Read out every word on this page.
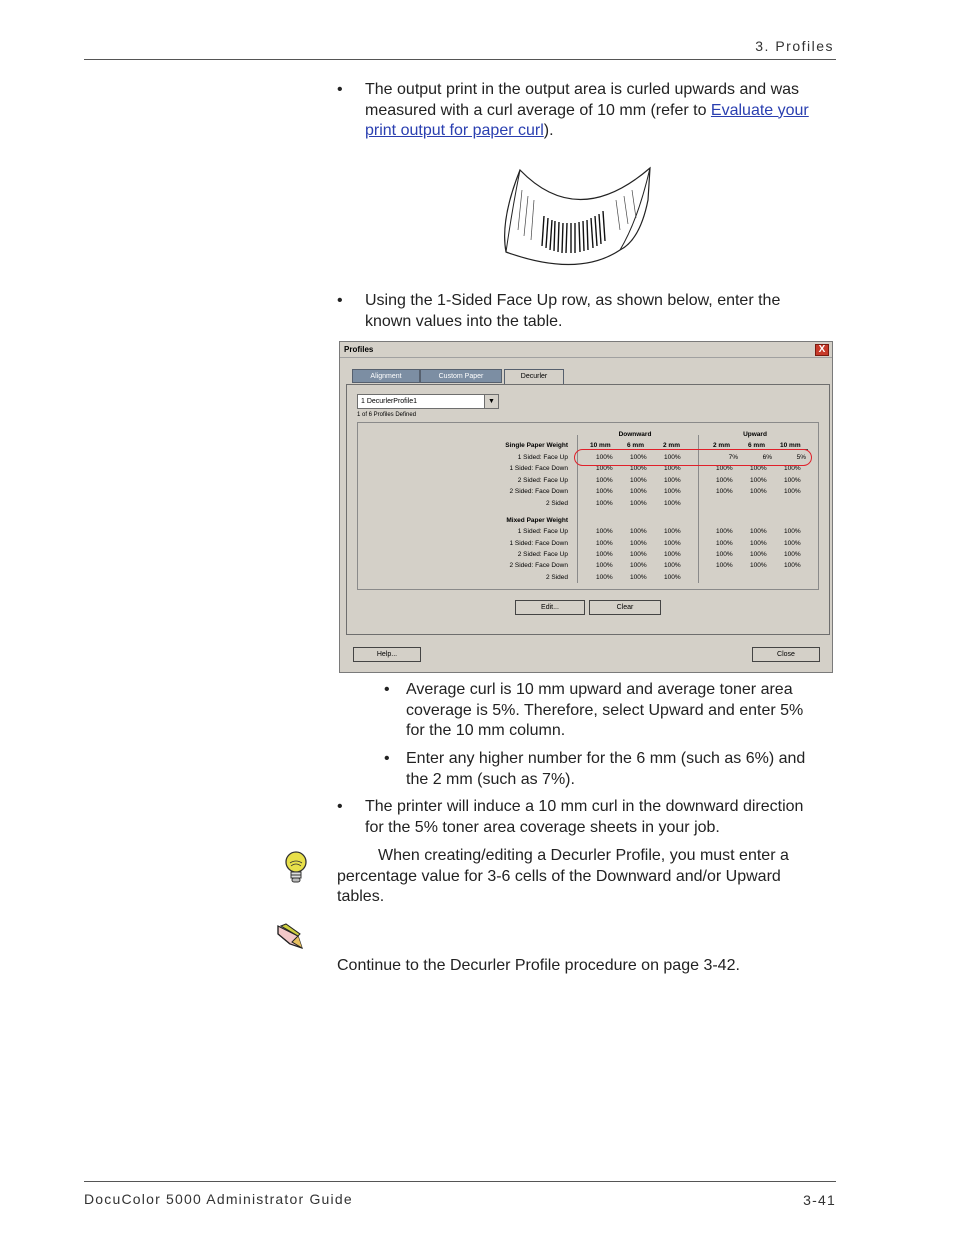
3. Profiles
• The output print in the output area is curled upwards and was
measured with a curl average of 10 mm (refer to Evaluate your
print output for paper curl).
• Using the 1-Sided Face Up row, as shown below, enter the
known values into the table.
Profiles	X
Alignment	Custom Paper	Decurler
1 DecurlerProfile1	▼
1 of 6 Profiles Defined
Downward	Upward
Single Paper Weight	10 mm	6 mm	2 mm	2 mm	6 mm 10 mm
1 Sided: Face Up	100%	100%	100%	7%	6%	5%
1 Sided: Face Down	100%	100%	100%	100%	100%	100%
2 Sided: Face Up	100%	100%	100%	100%	100%	100%
2 Sided: Face Down	100%	100%	100%	100%	100%	100%
2 Sided	100%	100%	100%
Mixed Paper Weight
1 Sided: Face Up	100%	100%	100%	100%	100%	100%
1 Sided: Face Down	100%	100%	100%	100%	100%	100%
2 Sided: Face Up	100%	100%	100%	100%	100%	100%
2 Sided: Face Down	100%	100%	100%	100%	100%	100%
2 Sided	100%	100%	100%
Edit...	Clear
Help...	Close
• Average curl is 10 mm upward and average toner area
coverage is 5%. Therefore, select Upward and enter 5%
for the 10 mm column.
• Enter any higher number for the 6 mm (such as 6%) and
the 2 mm (such as 7%).
• The printer will induce a 10 mm curl in the downward direction
for the 5% toner area coverage sheets in your job.
When creating/editing a Decurler Profile, you must enter a
percentage value for 3-6 cells of the Downward and/or Upward
tables.
Continue to the Decurler Profile procedure on page 3-42.
DocuColor 5000 Administrator Guide	3-41
